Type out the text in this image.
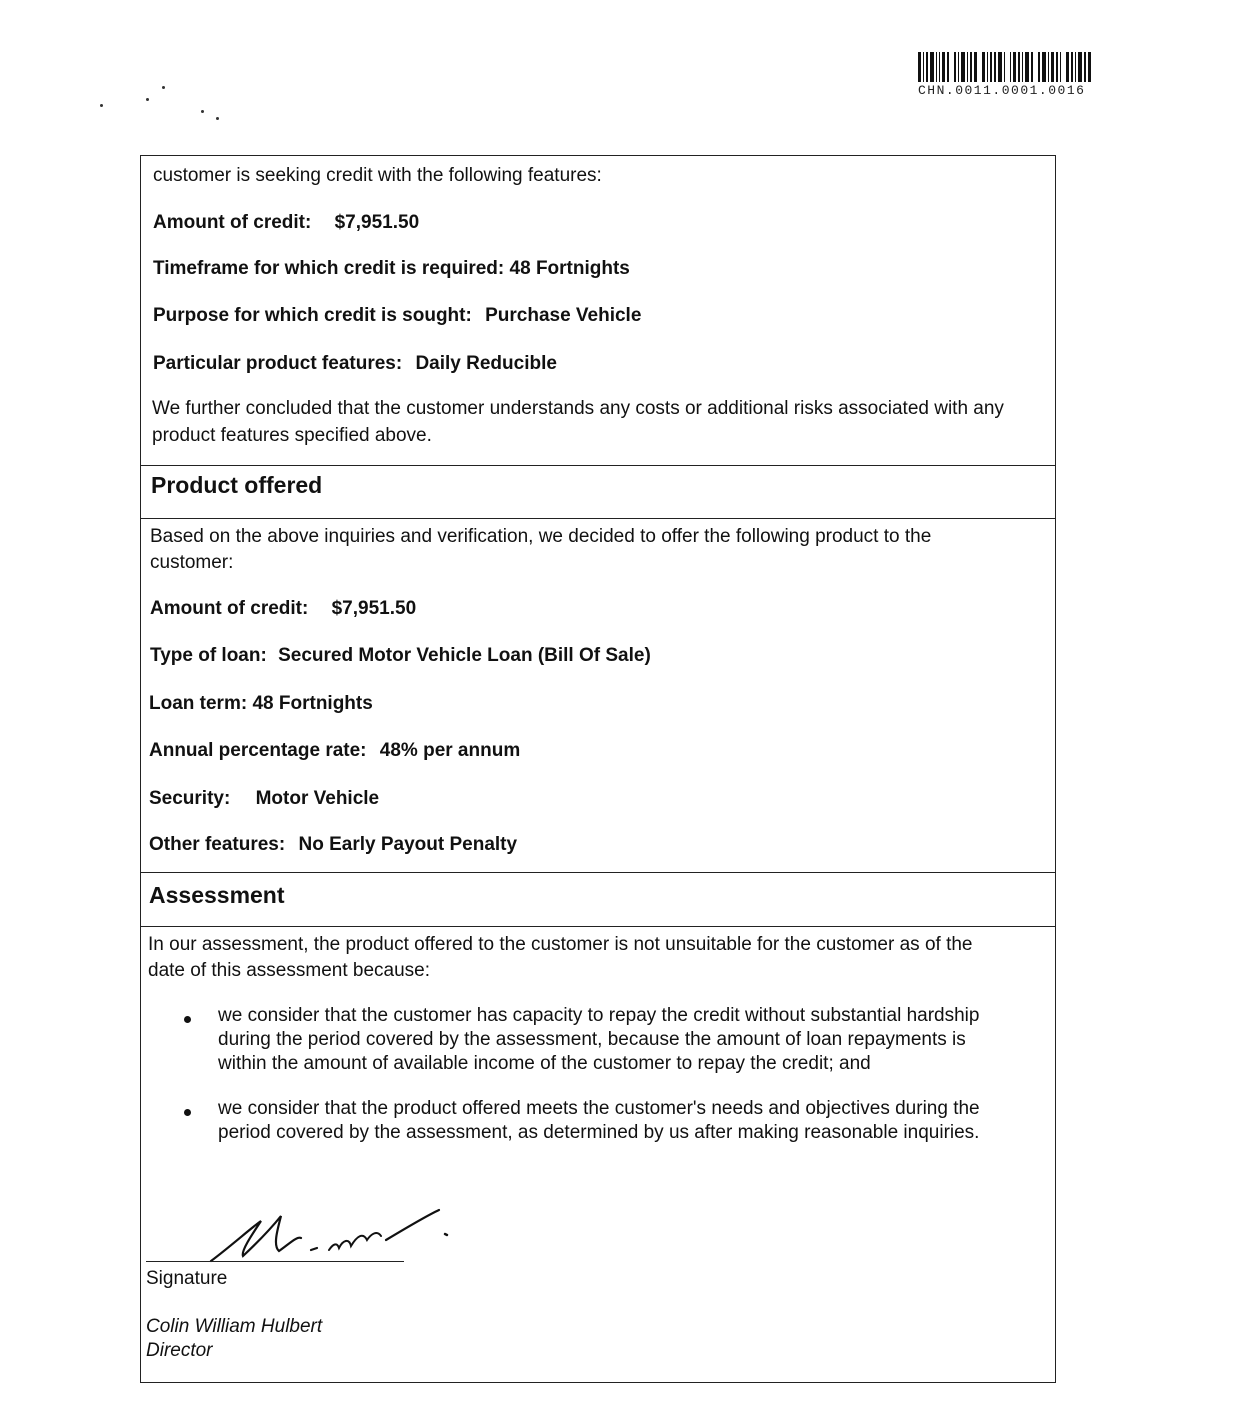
CHN.0011.0001.0016
customer is seeking credit with the following features:
Amount of credit: $7,951.50
Timeframe for which credit is required: 48 Fortnights
Purpose for which credit is sought: Purchase Vehicle
Particular product features: Daily Reducible
We further concluded that the customer understands any costs or additional risks associated with any
product features specified above.
Product offered
Based on the above inquiries and verification, we decided to offer the following product to the
customer:
Amount of credit: $7,951.50
Type of loan: Secured Motor Vehicle Loan (Bill Of Sale)
Loan term: 48 Fortnights
Annual percentage rate: 48% per annum
Security: Motor Vehicle
Other features: No Early Payout Penalty
Assessment
In our assessment, the product offered to the customer is not unsuitable for the customer as of the
date of this assessment because:
we consider that the customer has capacity to repay the credit without substantial hardship
during the period covered by the assessment, because the amount of loan repayments is
within the amount of available income of the customer to repay the credit; and
we consider that the product offered meets the customer's needs and objectives during the
period covered by the assessment, as determined by us after making reasonable inquiries.
Signature
Colin William Hulbert
Director
